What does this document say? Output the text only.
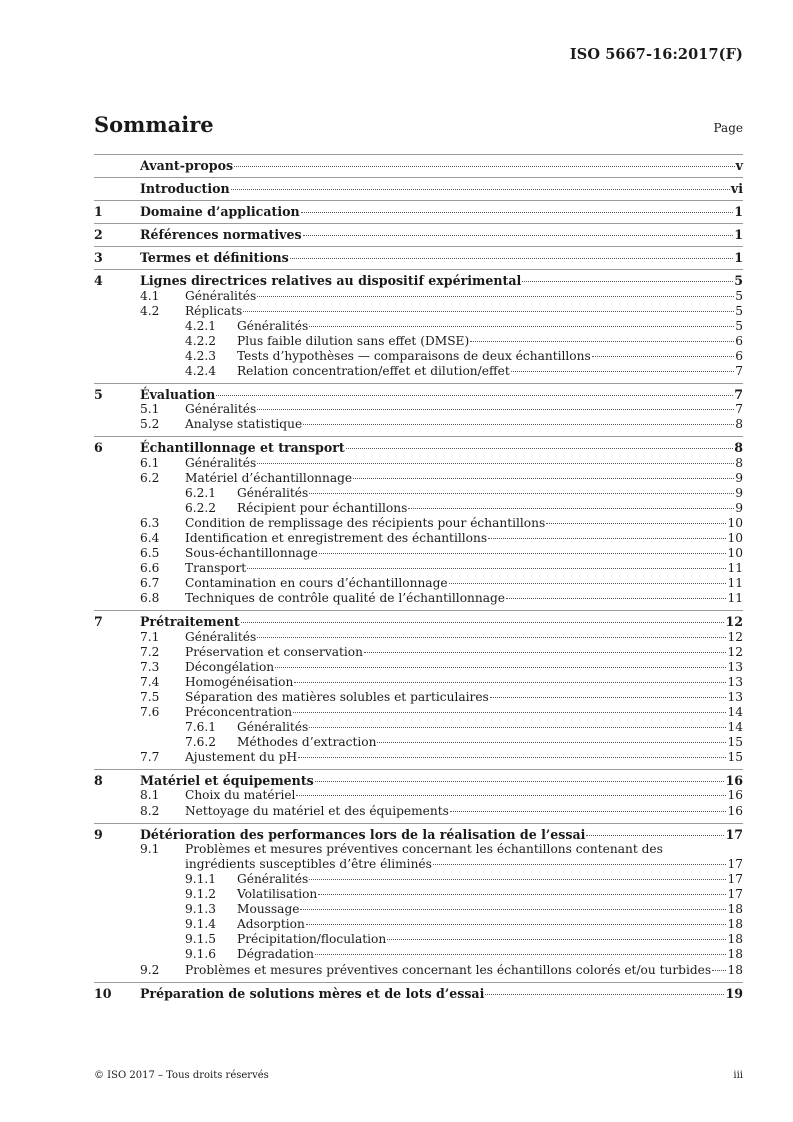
ISO 5667-16:2017(F)
Sommaire	Page
Avant-propos	v
Introduction	vi
1	Domaine d’application	1
2	Références normatives	1
3	Termes et définitions	1
4	Lignes directrices relatives au dispositif expérimental	5
4.1	Généralités	5
4.2	Réplicats	5
4.2.1	Généralités	5
4.2.2	Plus faible dilution sans effet (DMSE)	6
4.2.3	Tests d’hypothèses — comparaisons de deux échantillons	6
4.2.4	Relation concentration/effet et dilution/effet	7
5	Évaluation	7
5.1	Généralités	7
5.2	Analyse statistique	8
6	Échantillonnage et transport	8
6.1	Généralités	8
6.2	Matériel d’échantillonnage	9
6.2.1	Généralités	9
6.2.2	Récipient pour échantillons	9
6.3	Condition de remplissage des récipients pour échantillons	10
6.4	Identification et enregistrement des échantillons	10
6.5	Sous-échantillonnage	10
6.6	Transport	11
6.7	Contamination en cours d’échantillonnage	11
6.8	Techniques de contrôle qualité de l’échantillonnage	11
7	Prétraitement	12
7.1	Généralités	12
7.2	Préservation et conservation	12
7.3	Décongélation	13
7.4	Homogénéisation	13
7.5	Séparation des matières solubles et particulaires	13
7.6	Préconcentration	14
7.6.1	Généralités	14
7.6.2	Méthodes d’extraction	15
7.7	Ajustement du pH	15
8	Matériel et équipements	16
8.1	Choix du matériel	16
8.2	Nettoyage du matériel et des équipements	16
9	Détérioration des performances lors de la réalisation de l’essai	17
9.1	Problèmes et mesures préventives concernant les échantillons contenant des
ingrédients susceptibles d’être éliminés	17
9.1.1	Généralités	17
9.1.2	Volatilisation	17
9.1.3	Moussage	18
9.1.4	Adsorption	18
9.1.5	Précipitation/floculation	18
9.1.6	Dégradation	18
9.2	Problèmes et mesures préventives concernant les échantillons colorés et/ou turbides 18
10	Préparation de solutions mères et de lots d’essai	19
© ISO 2017 – Tous droits réservés	iii
